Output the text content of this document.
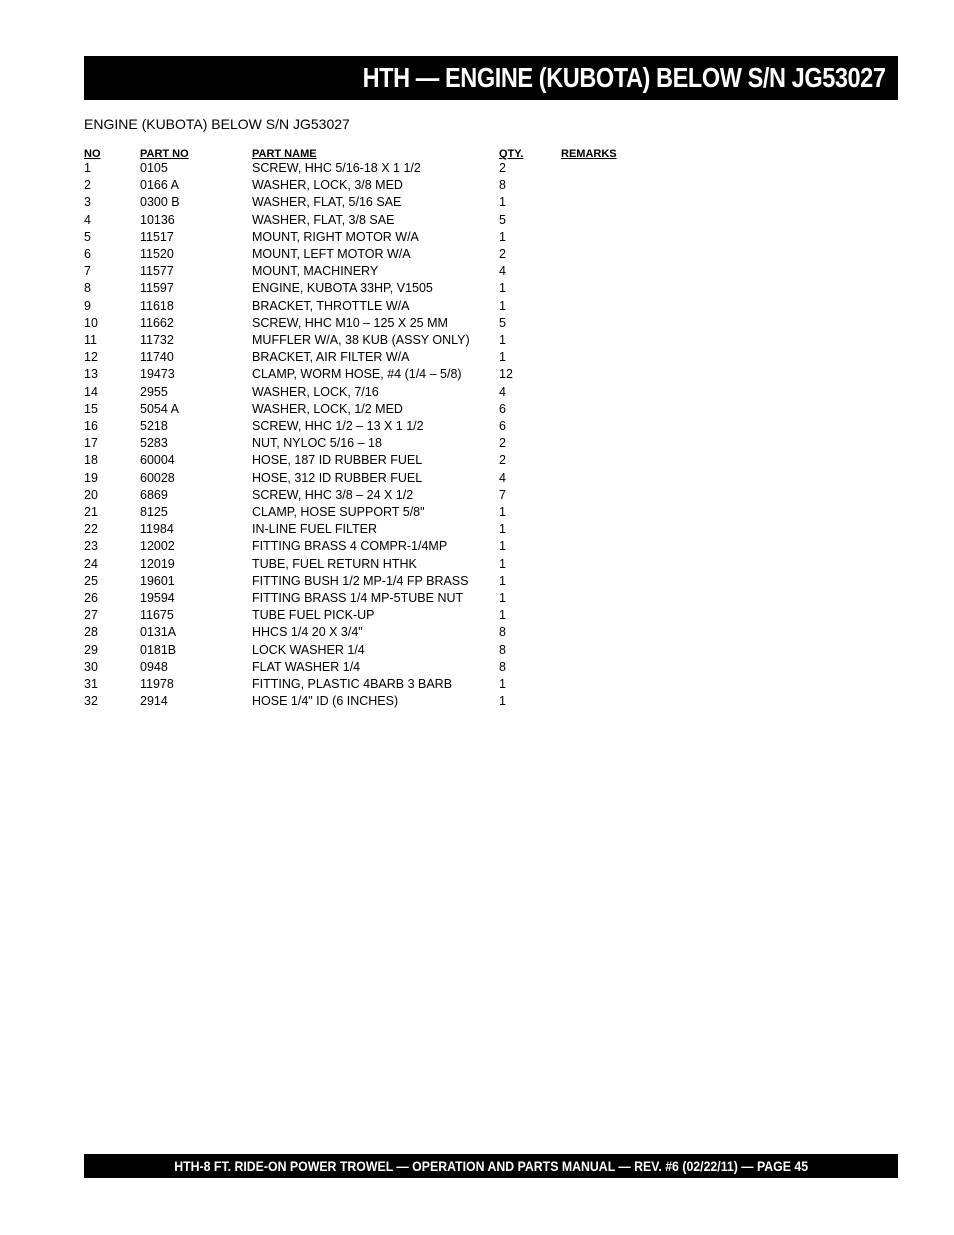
HTH — ENGINE (KUBOTA) BELOW S/N JG53027
ENGINE (KUBOTA) BELOW S/N JG53027
NO	PART NO	PART NAME	QTY.	REMARKS
1	0105	SCREW, HHC 5/16-18 X 1 1/2	2	
2	0166 A	WASHER, LOCK, 3/8 MED	8	
3	0300 B	WASHER, FLAT, 5/16 SAE	1	
4	10136	WASHER, FLAT, 3/8 SAE	5	
5	11517	MOUNT, RIGHT MOTOR W/A	1	
6	11520	MOUNT, LEFT MOTOR W/A	2	
7	11577	MOUNT, MACHINERY	4	
8	11597	ENGINE, KUBOTA 33HP, V1505	1	
9	11618	BRACKET, THROTTLE W/A	1	
10	11662	SCREW, HHC M10 – 125 X 25 MM	5	
11	11732	MUFFLER W/A, 38 KUB (ASSY ONLY)	1	
12	11740	BRACKET, AIR FILTER W/A	1	
13	19473	CLAMP, WORM HOSE, #4 (1/4 – 5/8)	12	
14	2955	WASHER, LOCK, 7/16	4	
15	5054 A	WASHER, LOCK, 1/2 MED	6	
16	5218	SCREW, HHC 1/2 – 13 X 1 1/2	6	
17	5283	NUT, NYLOC 5/16 – 18	2	
18	60004	HOSE, 187 ID RUBBER FUEL	2	
19	60028	HOSE, 312 ID RUBBER FUEL	4	
20	6869	SCREW, HHC 3/8 – 24 X 1/2	7	
21	8125	CLAMP, HOSE SUPPORT 5/8"	1	
22	11984	IN-LINE FUEL FILTER	1	
23	12002	FITTING BRASS 4 COMPR-1/4MP	1	
24	12019	TUBE, FUEL RETURN HTHK	1	
25	19601	FITTING BUSH 1/2 MP-1/4 FP BRASS	1	
26	19594	FITTING BRASS 1/4 MP-5TUBE NUT	1	
27	11675	TUBE FUEL PICK-UP	1	
28	0131A	HHCS 1/4 20 X 3/4"	8	
29	0181B	LOCK WASHER 1/4	8	
30	0948	FLAT WASHER 1/4	8	
31	11978	FITTING, PLASTIC 4BARB 3 BARB	1	
32	2914	HOSE 1/4" ID (6 INCHES)	1	
HTH-8 FT. RIDE-ON POWER TROWEL — OPERATION AND PARTS MANUAL — REV. #6 (02/22/11) — PAGE 45
